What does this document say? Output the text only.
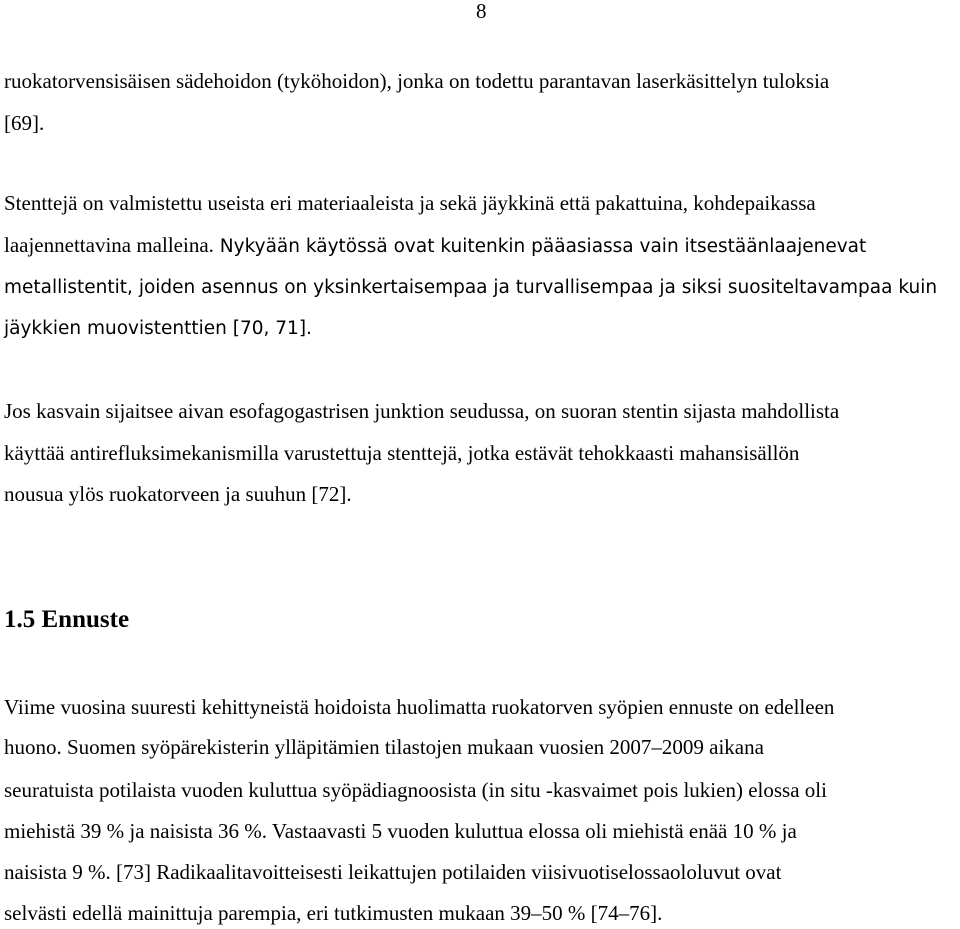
8
ruokatorvensisäisen sädehoidon (tyköhoidon), jonka on todettu parantavan laserkäsittelyn tuloksia
[69].
Stenttejä on valmistettu useista eri materiaaleista ja sekä jäykkinä että pakattuina, kohdepaikassa
laajennettavina malleina. Nykyään käytössä ovat kuitenkin pääasiassa vain itsestäänlaajenevat
metallistentit, joiden asennus on yksinkertaisempaa ja turvallisempaa ja siksi suositeltavampaa kuin
jäykkien muovistenttien [70, 71].
Jos kasvain sijaitsee aivan esofagogastrisen junktion seudussa, on suoran stentin sijasta mahdollista
käyttää antirefluksimekanismilla varustettuja stenttejä, jotka estävät tehokkaasti mahansisällön
nousua ylös ruokatorveen ja suuhun [72].
1.5 Ennuste
Viime vuosina suuresti kehittyneistä hoidoista huolimatta ruokatorven syöpien ennuste on edelleen
huono. Suomen syöpärekisterin ylläpitämien tilastojen mukaan vuosien 2007–2009 aikana
seuratuista potilaista vuoden kuluttua syöpädiagnoosista (in situ -kasvaimet pois lukien) elossa oli
miehistä 39 % ja naisista 36 %. Vastaavasti 5 vuoden kuluttua elossa oli miehistä enää 10 % ja
naisista 9 %. [73] Radikaalitavoitteisesti leikattujen potilaiden viisivuotiselossaololuvut ovat
selvästi edellä mainittuja parempia, eri tutkimusten mukaan 39–50 % [74–76].
